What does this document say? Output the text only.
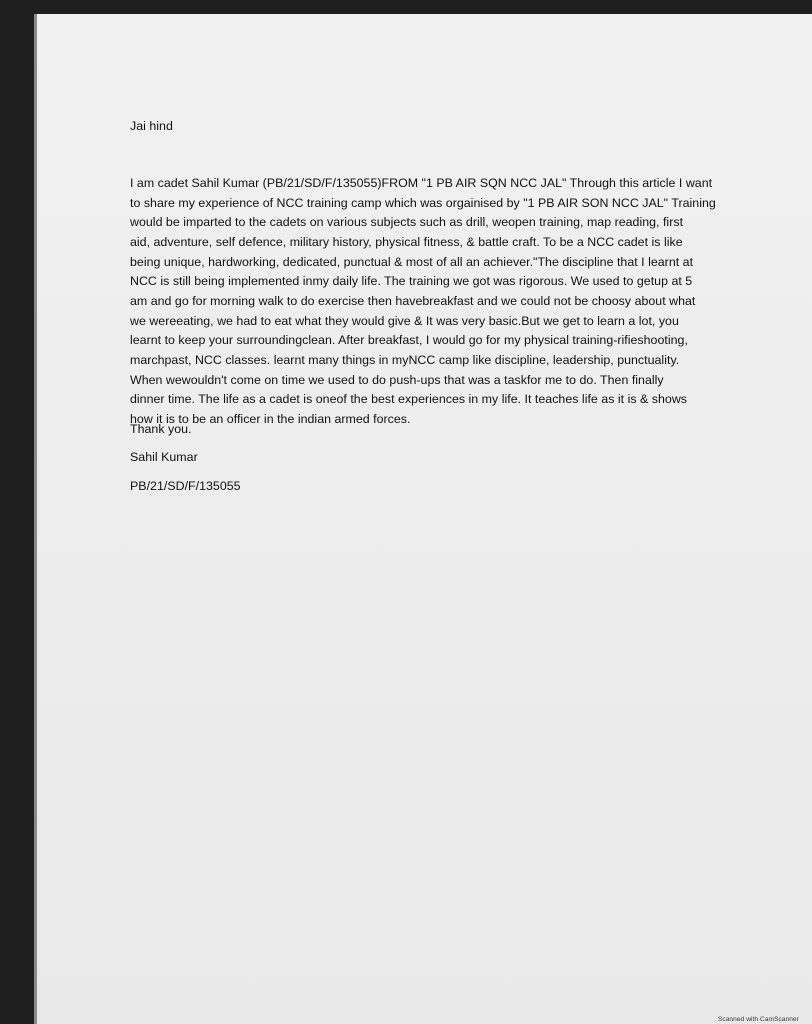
Jai hind
I am cadet Sahil Kumar (PB/21/SD/F/135055)FROM "1 PB AIR SQN NCC JAL" Through this article I want
to share my experience of NCC training camp which was orgainised by "1 PB AIR SON NCC JAL" Training
would be imparted to the cadets on various subjects such as drill, weopen training, map reading, first
aid, adventure, self defence, military history, physical fitness, & battle craft. To be a NCC cadet is like
being unique, hardworking, dedicated, punctual & most of all an achiever."The discipline that I learnt at
NCC is still being implemented inmy daily life. The training we got was rigorous. We used to getup at 5
am and go for morning walk to do exercise then havebreakfast and we could not be choosy about what
we wereeating, we had to eat what they would give & It was very basic.But we get to learn a lot, you
learnt to keep your surroundingclean. After breakfast, I would go for my physical training-rifieshooting,
marchpast, NCC classes. learnt many things in myNCC camp like discipline, leadership, punctuality.
When wewouldn't come on time we used to do push-ups that was a taskfor me to do. Then finally
dinner time. The life as a cadet is oneof the best experiences in my life. It teaches life as it is & shows
how it is to be an officer in the indian armed forces.
Thank you.
Sahil Kumar
PB/21/SD/F/135055
Scanned with CamScanner
